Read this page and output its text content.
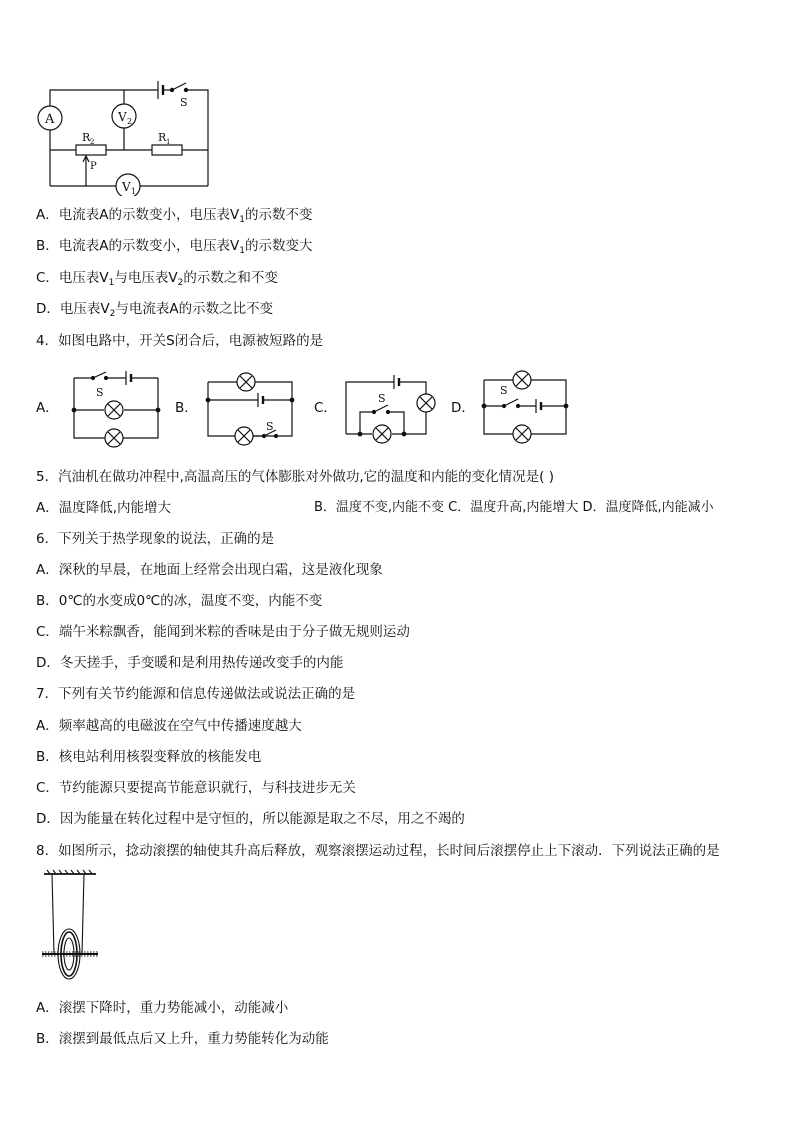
A	V 2
V 1
S
R 1
R 2
P
A．电流表A的示数变小，电压表$V_1$的示数不变
B．电流表A的示数变小，电压表$V_1$的示数变大
C．电压表$V_1$与电压表$V_2$的示数之和不变
D．电压表$V_2$与电流表A的示数之比不变
4．如图电路中，开关S闭合后，电源被短路的是
A．
S
B．
S
C．
S
D．
S
5．汽油机在做功冲程中,高温高压的气体膨胀对外做功,它的温度和内能的变化情况是( )
A．温度降低,内能增大	B．温度不变,内能不变 C．温度升高,内能增大 D．温度降低,内能减小
6．下列关于热学现象的说法，正确的是
A．深秋的早晨，在地面上经常会出现白霜，这是液化现象
B．0℃的水变成0℃的冰，温度不变，内能不变
C．端午米粽飘香，能闻到米粽的香味是由于分子做无规则运动
D．冬天搓手，手变暖和是利用热传递改变手的内能
7．下列有关节约能源和信息传递做法或说法正确的是
A．频率越高的电磁波在空气中传播速度越大
B．核电站利用核裂变释放的核能发电
C．节约能源只要提高节能意识就行，与科技进步无关
D．因为能量在转化过程中是守恒的，所以能源是取之不尽，用之不竭的
8．如图所示，捻动滚摆的轴使其升高后释放，观察滚摆运动过程，长时间后滚摆停止上下滚动．下列说法正确的是
A．滚摆下降时，重力势能减小，动能减小
B．滚摆到最低点后又上升，重力势能转化为动能
